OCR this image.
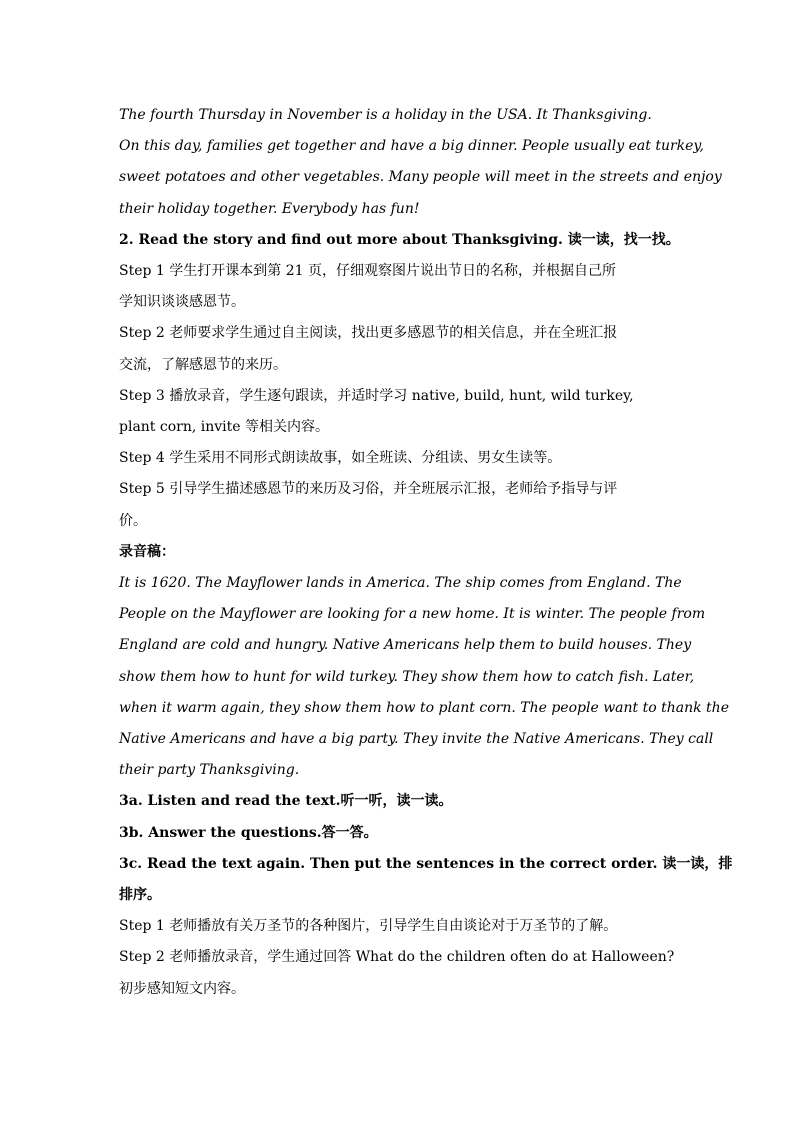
The fourth Thursday in November is a holiday in the USA. It Thanksgiving.

On this day, families get together and have a big dinner. People usually eat turkey,

sweet potatoes and other vegetables. Many people will meet in the streets and enjoy

their holiday together. Everybody has fun!

2. Read the story and find out more about Thanksgiving. 读一读，找一找。

Step 1 学生打开课本到第 21 页，仔细观察图片说出节日的名称，并根据自己所

学知识谈谈感恩节。

Step 2 老师要求学生通过自主阅读，找出更多感恩节的相关信息，并在全班汇报

交流，了解感恩节的来历。

Step 3 播放录音，学生逐句跟读，并适时学习 native, build, hunt, wild turkey,

plant corn, invite 等相关内容。

Step 4 学生采用不同形式朗读故事，如全班读、分组读、男女生读等。

Step 5 引导学生描述感恩节的来历及习俗，并全班展示汇报，老师给予指导与评

价。

录音稿：

It is 1620. The Mayflower lands in America. The ship comes from England. The

People on the Mayflower are looking for a new home. It is winter. The people from

England are cold and hungry. Native Americans help them to build houses. They

show them how to hunt for wild turkey. They show them how to catch fish. Later,

when it warm again, they show them how to plant corn. The people want to thank the

Native Americans and have a big party. They invite the Native Americans. They call

their party Thanksgiving.

3a. Listen and read the text.听一听，读一读。

3b. Answer the questions.答一答。

3c. Read the text again. Then put the sentences in the correct order. 读一读，排

排序。

Step 1 老师播放有关万圣节的各种图片，引导学生自由谈论对于万圣节的了解。

Step 2 老师播放录音，学生通过回答 What do the children often do at Halloween?

初步感知短文内容。
